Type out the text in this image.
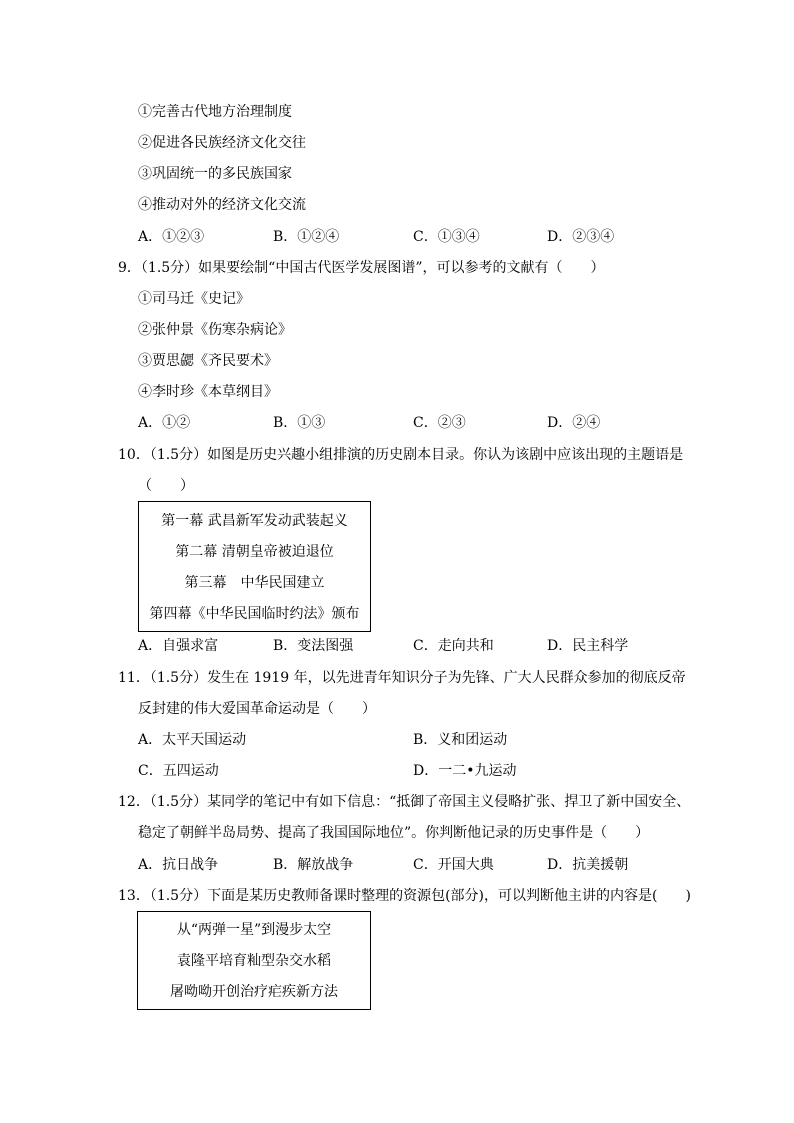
①完善古代地方治理制度
②促进各民族经济文化交往
③巩固统一的多民族国家
④推动对外的经济文化交流
A．①②③	B．①②④	C．①③④	D．②③④
9．（1.5分）如果要绘制“中国古代医学发展图谱”，可以参考的文献有（　　）
①司马迁《史记》
②张仲景《伤寒杂病论》
③贾思勰《齐民要术》
④李时珍《本草纲目》
A．①②	B．①③	C．②③	D．②④
10．（1.5分）如图是历史兴趣小组排演的历史剧本目录。你认为该剧中应该出现的主题语是
（　　）
第一幕 武昌新军发动武装起义
第二幕 清朝皇帝被迫退位
第三幕　中华民国建立
第四幕《中华民国临时约法》颁布
A．自强求富	B．变法图强	C．走向共和	D．民主科学
11．（1.5分）发生在 1919 年，以先进青年知识分子为先锋、广大人民群众参加的彻底反帝
反封建的伟大爱国革命运动是（　　）
A．太平天国运动	B．义和团运动
C．五四运动	D．一二•九运动
12．（1.5分）某同学的笔记中有如下信息：“抵御了帝国主义侵略扩张、捍卫了新中国安全、
稳定了朝鲜半岛局势、提高了我国国际地位”。你判断他记录的历史事件是（　　）
A．抗日战争	B．解放战争	C．开国大典	D．抗美援朝
13．（1.5分）下面是某历史教师备课时整理的资源包(部分)，可以判断他主讲的内容是(　　)
从“两弹一星”到漫步太空
袁隆平培育籼型杂交水稻
屠呦呦开创治疗疟疾新方法
